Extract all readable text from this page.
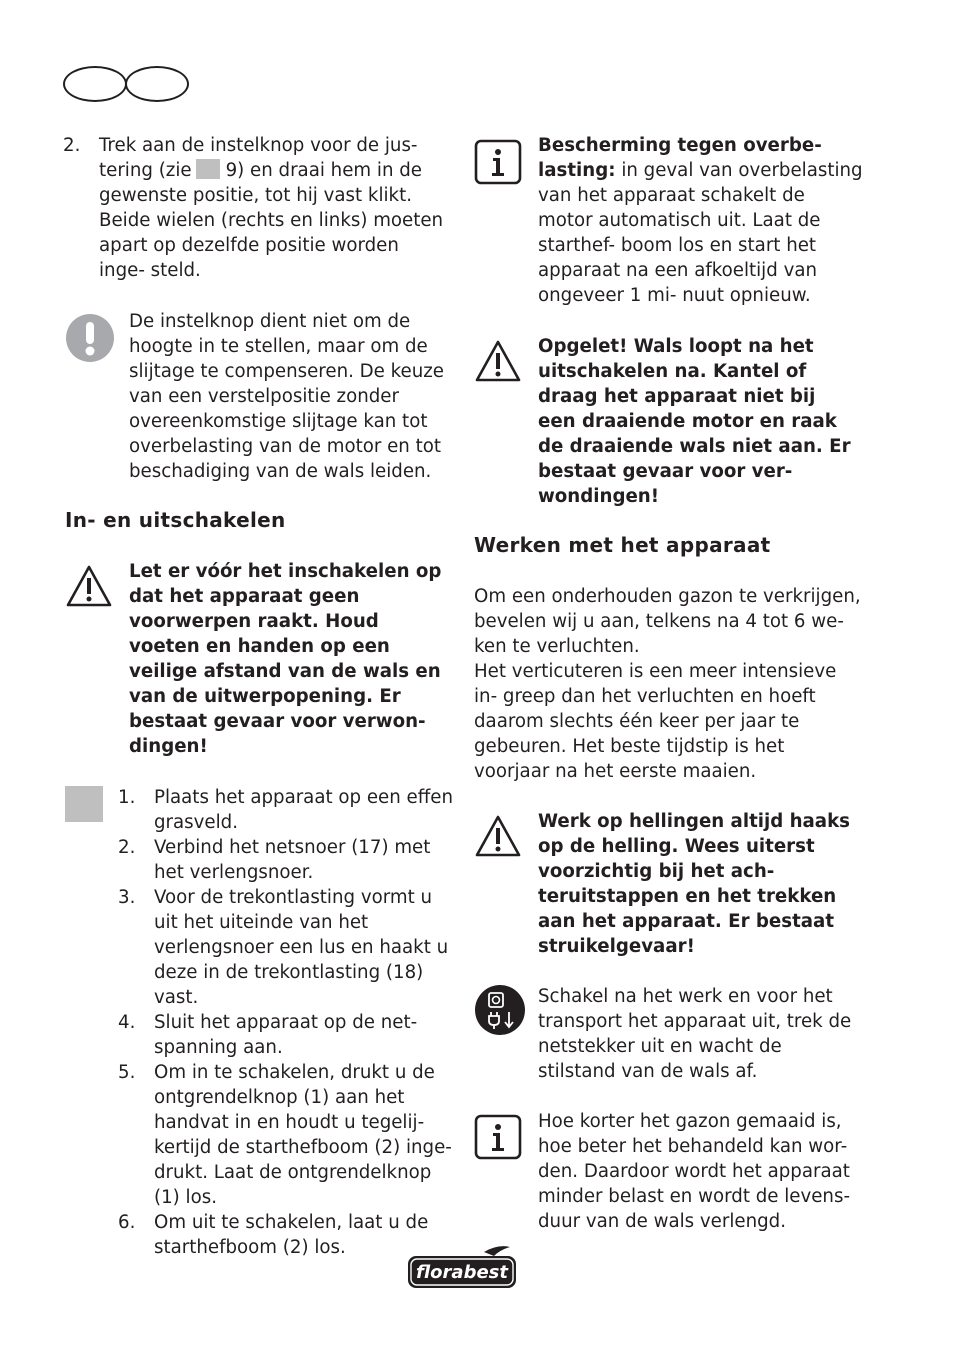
2.	Trek aan de instelknop voor de jus-
tering (zie 9) en draai hem in de
gewenste positie, tot hij vast klikt. Beide wielen (rechts en links) moeten apart op dezelfde positie worden inge- steld.

De instelknop dient niet om de hoogte in te stellen, maar om de slijtage te compenseren. De keuze van een verstelpositie zonder overeenkomstige slijtage kan tot overbelasting van de motor en tot beschadiging van de wals leiden.

In- en uitschakelen

Let er vóór het inschakelen op dat het apparaat geen voorwerpen raakt. Houd voeten en handen op een veilige afstand van de wals en van de uitwerpopening. Er bestaat gevaar voor verwon- dingen!

1.	Plaats het apparaat op een effen grasveld.
2.	Verbind het netsnoer (17) met het verlengsnoer.
3.	Voor de trekontlasting vormt u uit het uiteinde van het verlengsnoer een lus en haakt u deze in de trekontlasting (18) vast.
4.	Sluit het apparaat op de net- spanning aan.
5.	Om in te schakelen, drukt u de ontgrendelknop (1) aan het handvat in en houdt u tegelij- kertijd de starthefboom (2) inge- drukt. Laat de ontgrendelknop (1) los.
6.	Om uit te schakelen, laat u de starthefboom (2) los.

Bescherming tegen overbe- lasting: in geval van overbelasting van het apparaat schakelt de motor automatisch uit. Laat de starthef- boom los en start het apparaat na een afkoeltijd van ongeveer 1 mi- nuut opnieuw.

Opgelet! Wals loopt na het uitschakelen na. Kantel of draag het apparaat niet bij een draaiende motor en raak de draaiende wals niet aan. Er bestaat gevaar voor ver- wondingen!

Werken met het apparaat

Om een onderhouden gazon te verkrijgen, bevelen wij u aan, telkens na 4 tot 6 we- ken te verluchten.

Het verticuteren is een meer intensieve in- greep dan het verluchten en hoeft daarom slechts één keer per jaar te gebeuren. Het beste tijdstip is het voorjaar na het eerste maaien.

Werk op hellingen altijd haaks op de helling. Wees uiterst voorzichtig bij het ach- teruitstappen en het trekken aan het apparaat. Er bestaat struikelgevaar!

Schakel na het werk en voor het transport het apparaat uit, trek de netstekker uit en wacht de stilstand van de wals af.

Hoe korter het gazon gemaaid is, hoe beter het behandeld kan wor- den. Daardoor wordt het apparaat minder belast en wordt de levens- duur van de wals verlengd.

florabest
